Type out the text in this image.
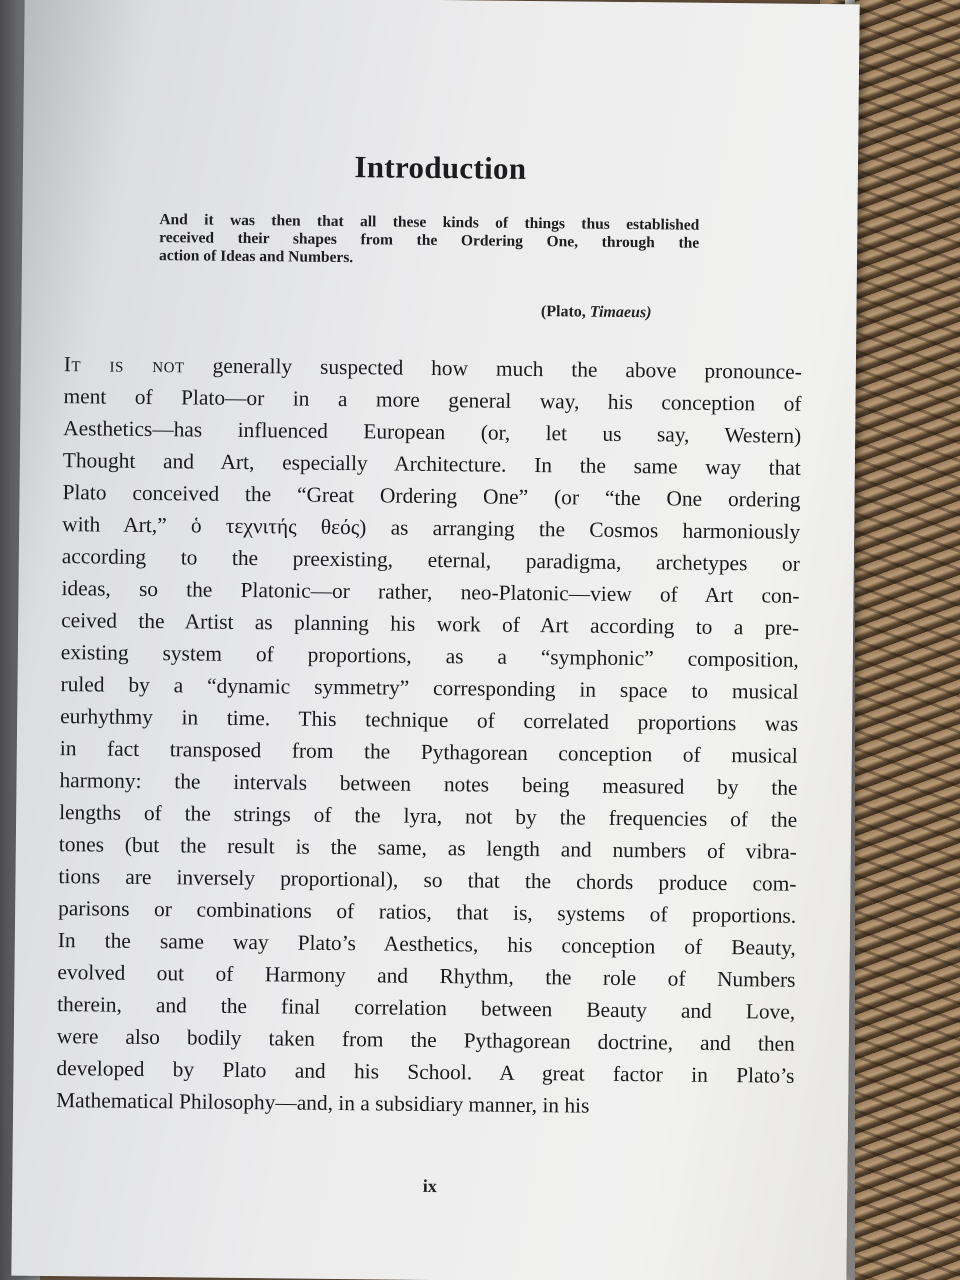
Introduction
And it was then that all these kinds of things thus established
received their shapes from the Ordering One, through the
action of Ideas and Numbers.
(Plato, Timaeus)
It is not generally suspected how much the above pronounce-
ment of Plato—or in a more general way, his conception of
Aesthetics—has influenced European (or, let us say, Western)
Thought and Art, especially Architecture. In the same way that
Plato conceived the “Great Ordering One” (or “the One ordering
with Art,” ὁ τεχνιτής θεός) as arranging the Cosmos harmoniously
according to the preexisting, eternal, paradigma, archetypes or
ideas, so the Platonic—or rather, neo-Platonic—view of Art con-
ceived the Artist as planning his work of Art according to a pre-
existing system of proportions, as a “symphonic” composition,
ruled by a “dynamic symmetry” corresponding in space to musical
eurhythmy in time. This technique of correlated proportions was
in fact transposed from the Pythagorean conception of musical
harmony: the intervals between notes being measured by the
lengths of the strings of the lyra, not by the frequencies of the
tones (but the result is the same, as length and numbers of vibra-
tions are inversely proportional), so that the chords produce com-
parisons or combinations of ratios, that is, systems of proportions.
In the same way Plato’s Aesthetics, his conception of Beauty,
evolved out of Harmony and Rhythm, the role of Numbers
therein, and the final correlation between Beauty and Love,
were also bodily taken from the Pythagorean doctrine, and then
developed by Plato and his School. A great factor in Plato’s
Mathematical Philosophy—and, in a subsidiary manner, in his
ix
